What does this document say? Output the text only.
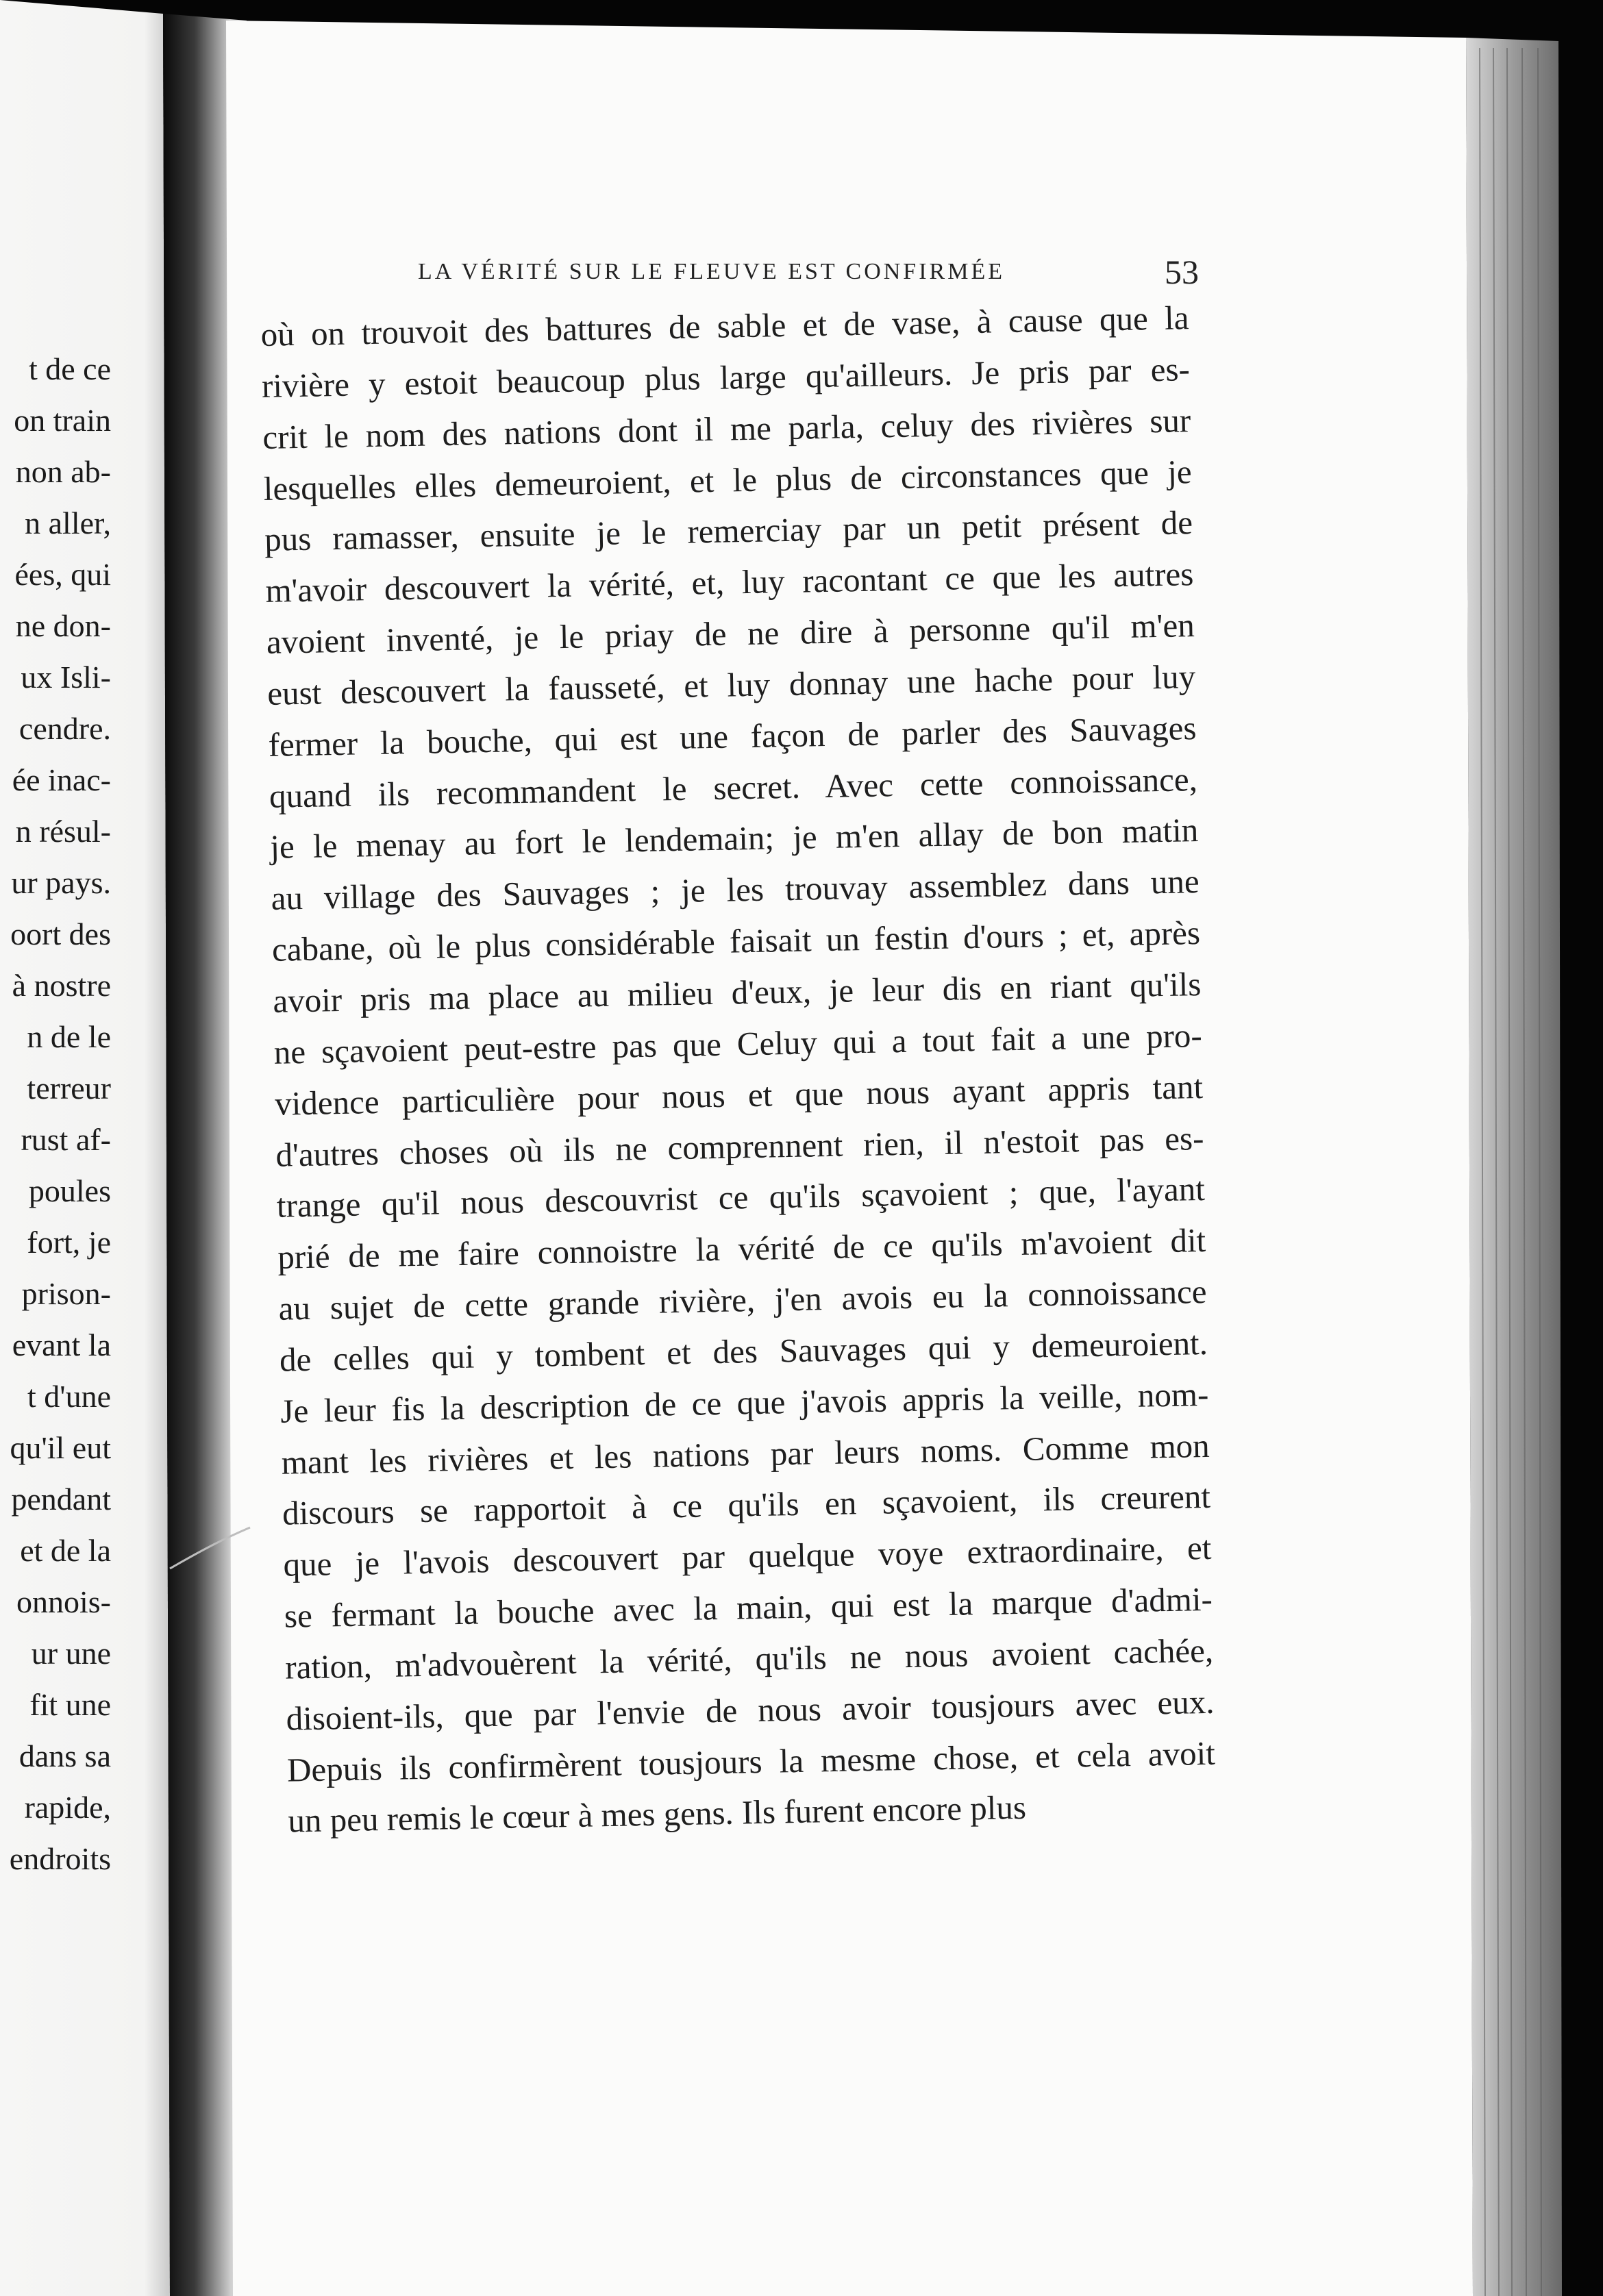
t de ce
on train
non ab-
n aller,
ées, qui
ne don-
ux Isli-
cendre.
ée inac-
n résul-
ur pays.
oort des
à nostre
n de le
terreur
rust af-
poules
fort, je
prison-
evant la
t d'une
qu'il eut
pendant
et de la
onnois-
ur une
fit une
dans sa
rapide,
endroits
LA VÉRITÉ SUR LE FLEUVE EST CONFIRMÉE	53
où on trouvoit des battures de sable et de vase, à cause que la
rivière y estoit beaucoup plus large qu'ailleurs. Je pris par es-
crit le nom des nations dont il me parla, celuy des rivières sur
lesquelles elles demeuroient, et le plus de circonstances que je
pus ramasser, ensuite je le remerciay par un petit présent de
m'avoir descouvert la vérité, et, luy racontant ce que les autres
avoient inventé, je le priay de ne dire à personne qu'il m'en
eust descouvert la fausseté, et luy donnay une hache pour luy
fermer la bouche, qui est une façon de parler des Sauvages
quand ils recommandent le secret. Avec cette connoissance,
je le menay au fort le lendemain; je m'en allay de bon matin
au village des Sauvages ; je les trouvay assemblez dans une
cabane, où le plus considérable faisait un festin d'ours ; et, après
avoir pris ma place au milieu d'eux, je leur dis en riant qu'ils
ne sçavoient peut-estre pas que Celuy qui a tout fait a une pro-
vidence particulière pour nous et que nous ayant appris tant
d'autres choses où ils ne comprennent rien, il n'estoit pas es-
trange qu'il nous descouvrist ce qu'ils sçavoient ; que, l'ayant
prié de me faire connoistre la vérité de ce qu'ils m'avoient dit
au sujet de cette grande rivière, j'en avois eu la connoissance
de celles qui y tombent et des Sauvages qui y demeuroient.
Je leur fis la description de ce que j'avois appris la veille, nom-
mant les rivières et les nations par leurs noms. Comme mon
discours se rapportoit à ce qu'ils en sçavoient, ils creurent
que je l'avois descouvert par quelque voye extraordinaire, et
se fermant la bouche avec la main, qui est la marque d'admi-
ration, m'advouèrent la vérité, qu'ils ne nous avoient cachée,
disoient-ils, que par l'envie de nous avoir tousjours avec eux.
Depuis ils confirmèrent tousjours la mesme chose, et cela avoit
un peu remis le cœur à mes gens. Ils furent encore plus
